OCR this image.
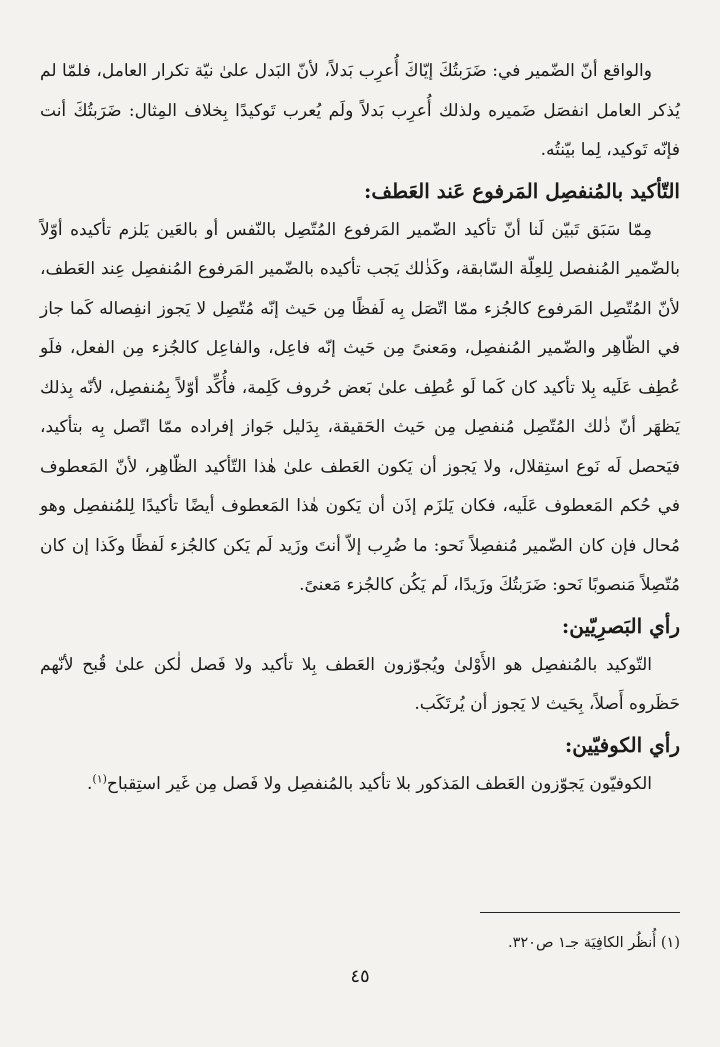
والواقع أنّ الضّمير في: ضَرَبتُكَ إيّاكَ أُعرِب بَدلاً، لأنّ البَدل علىٰ نيّة تكرار العامل، فلمّا لم يُذكر العامل انفصَل ضَميره ولذلك أُعرِب بَدلاً ولَم يُعرب تَوكيدًا بِخلاف المِثال: ضَرَبتُكَ أنت فإنّه تَوكيد، لِما بيّنتُه.

التّأكيد بالمُنفصِل المَرفوع عَند العَطف:

مِمّا سَبَق تَبيّن لَنا أنّ تأكيد الضّمير المَرفوع المُتّصِل بالنّفس أو بالعَين يَلزم تأكيده أوّلاً بالضّمير المُنفصل لِلعِلّة السّابقة، وكَذٰلك يَجب تأكيده بالضّمير المَرفوع المُنفصِل عِند العَطف، لأنّ المُتّصِل المَرفوع كالجُزء ممّا اتّصَل بِه لَفظًا مِن حَيث إنّه مُتّصِل لا يَجوز انفِصاله كَما جاز في الظّاهِر والضّمير المُنفصِل، ومَعنىً مِن حَيث إنّه فاعِل، والفاعِل كالجُزء مِن الفعل، فلَو عُطِف عَلَيه بِلا تأكيد كان كَما لَو عُطِف علىٰ بَعض حُروف كَلِمة، فأُكِّد أوّلاً بِمُنفصِل، لأنّه بِذلك يَظهَر أنّ ذٰلك المُتّصِل مُنفصِل مِن حَيث الحَقيقة، بِدَليل جَواز إفراده ممّا اتّصل بِه بتأكيد، فيَحصل لَه نَوع استِقلال، ولا يَجوز أن يَكون العَطف علىٰ هٰذا التّأكيد الظّاهِر، لأنّ المَعطوف في حُكم المَعطوف عَلَيه، فكان يَلزَم إذَن أن يَكون هٰذا المَعطوف أيضًا تأكيدًا لِلمُنفصِل وهو مُحال فإن كان الضّمير مُنفصِلاً نَحو: ما ضُرِب إلاّ أنتَ وزَيد لَم يَكن كالجُزء لَفظًا وكَذا إن كان مُتّصِلاً مَنصوبًا نَحو: ضَرَبتُكَ وزَيدًا، لَم يَكُن كالجُزء مَعنىً.

رأي البَصرِيّين:

التّوكيد بالمُنفصِل هو الأَوْلىٰ ويُجوّزون العَطف بِلا تأكيد ولا فَصل لٰكن علىٰ قُبح لأنّهم حَظَروه أَصلاً، بِحَيث لا يَجوز أن يُرتَكَب.

رأي الكوفيّين:

الكوفيّون يَجوّزون العَطف المَذكور بلا تأكيد بالمُنفصِل ولا فَصل مِن غَير استِقباح$^{(١)}$.

(١) أُنظُر الكافِيَة جـ١ ص٣٢٠.
٤٥
